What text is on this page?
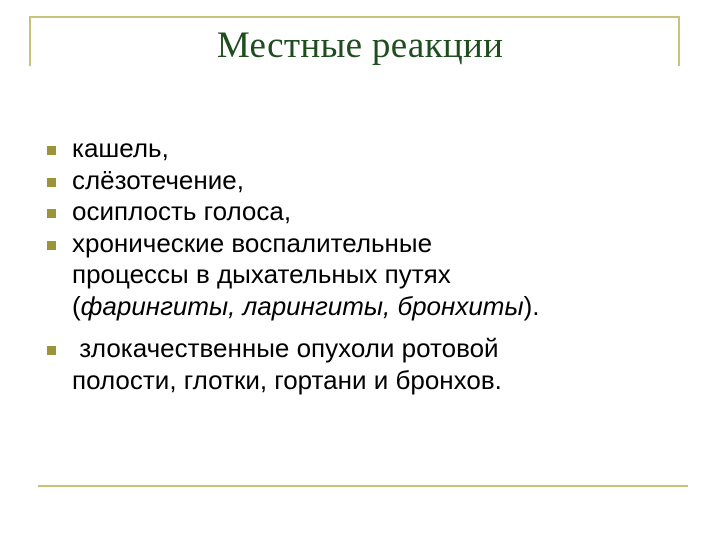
Местные реакции
кашель,
слёзотечение,
осиплость голоса,
хронические воспалительные
процессы в дыхательных путях
(фарингиты, ларингиты, бронхиты).
злокачественные опухоли ротовой
полости, глотки, гортани и бронхов.
